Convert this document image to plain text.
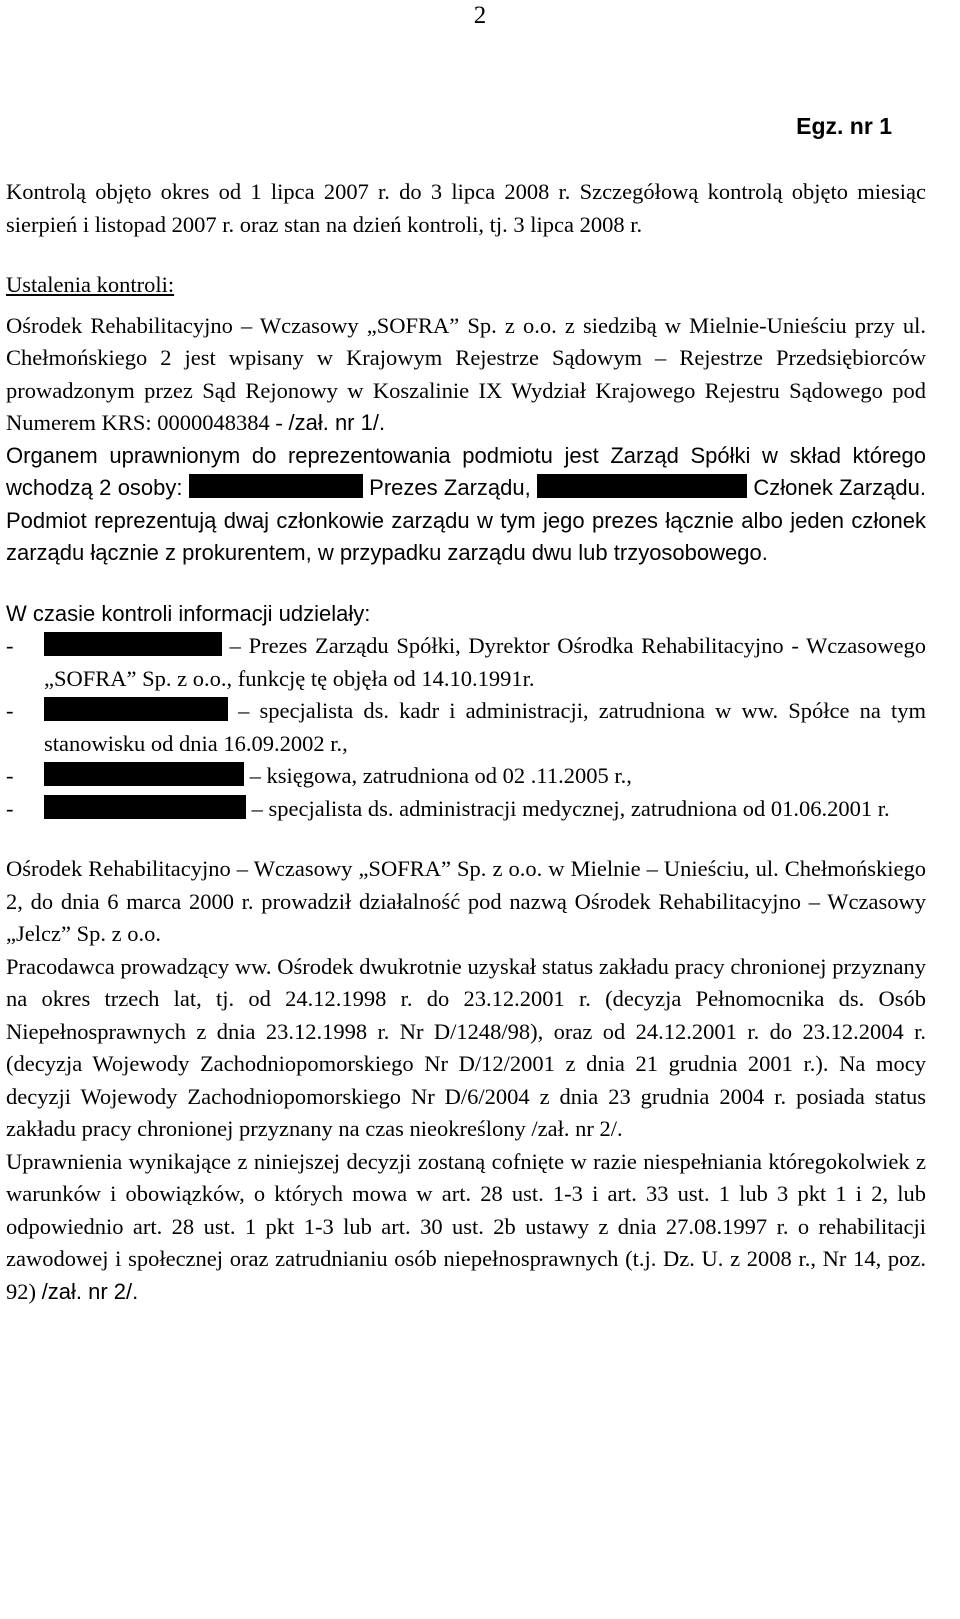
2
Egz. nr 1

Kontrolą objęto okres od 1 lipca 2007 r. do 3 lipca 2008 r. Szczegółową kontrolą objęto miesiąc sierpień i listopad 2007 r. oraz stan na dzień kontroli, tj. 3 lipca 2008 r.

Ustalenia kontroli:

Ośrodek Rehabilitacyjno – Wczasowy „SOFRA” Sp. z o.o. z siedzibą w Mielnie-Unieściu przy ul. Chełmońskiego 2 jest wpisany w Krajowym Rejestrze Sądowym – Rejestrze Przedsiębiorców prowadzonym przez Sąd Rejonowy w Koszalinie IX Wydział Krajowego Rejestru Sądowego pod Numerem KRS: 0000048384 - /zał. nr 1/.

Organem uprawnionym do reprezentowania podmiotu jest Zarząd Spółki w skład którego wchodzą 2 osoby:	Prezes Zarządu,	Członek Zarządu. Podmiot reprezentują dwaj członkowie zarządu w tym jego prezes łącznie albo jeden członek zarządu łącznie z prokurentem, w przypadku zarządu dwu lub trzyosobowego.

W czasie kontroli informacji udzielały:

-	– Prezes Zarządu Spółki, Dyrektor Ośrodka Rehabilitacyjno - Wczasowego „SOFRA” Sp. z o.o., funkcję tę objęła od 14.10.1991r.

-	– specjalista ds. kadr i administracji, zatrudniona w ww. Spółce na tym stanowisku od dnia 16.09.2002 r.,

-	– księgowa, zatrudniona od 02 .11.2005 r.,

-	– specjalista ds. administracji medycznej, zatrudniona od 01.06.2001 r.

Ośrodek Rehabilitacyjno – Wczasowy „SOFRA” Sp. z o.o. w Mielnie – Unieściu, ul. Chełmońskiego 2, do dnia 6 marca 2000 r. prowadził działalność pod nazwą Ośrodek Rehabilitacyjno – Wczasowy „Jelcz” Sp. z o.o.

Pracodawca prowadzący ww. Ośrodek dwukrotnie uzyskał status zakładu pracy chronionej przyznany na okres trzech lat, tj. od 24.12.1998 r. do 23.12.2001 r. (decyzja Pełnomocnika ds. Osób Niepełnosprawnych z dnia 23.12.1998 r. Nr D/1248/98), oraz od 24.12.2001 r. do 23.12.2004 r. (decyzja Wojewody Zachodniopomorskiego Nr D/12/2001 z dnia 21 grudnia 2001 r.). Na mocy decyzji Wojewody Zachodniopomorskiego Nr D/6/2004 z dnia 23 grudnia 2004 r. posiada status zakładu pracy chronionej przyznany na czas nieokreślony /zał. nr 2/.

Uprawnienia wynikające z niniejszej decyzji zostaną cofnięte w razie niespełniania któregokolwiek z warunków i obowiązków, o których mowa w art. 28 ust. 1-3 i art. 33 ust. 1 lub 3 pkt 1 i 2, lub odpowiednio art. 28 ust. 1 pkt 1-3 lub art. 30 ust. 2b ustawy z dnia 27.08.1997 r. o rehabilitacji zawodowej i społecznej oraz zatrudnianiu osób niepełnosprawnych (t.j. Dz. U. z 2008 r., Nr 14, poz. 92) /zał. nr 2/.
